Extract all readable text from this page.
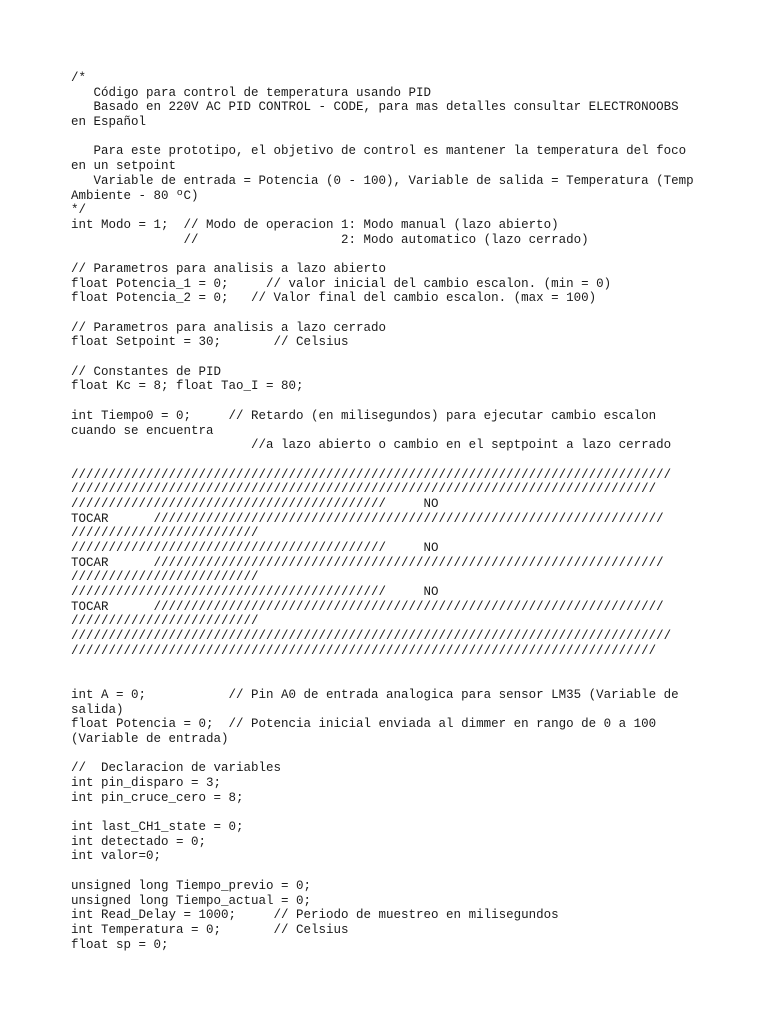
/*
Código para control de temperatura usando PID
Basado en 220V AC PID CONTROL - CODE, para mas detalles consultar ELECTRONOOBS
en Español
Para este prototipo, el objetivo de control es mantener la temperatura del foco
en un setpoint
Variable de entrada = Potencia (0 - 100), Variable de salida = Temperatura (Temp
Ambiente - 80 ºC)
*/
int Modo = 1;  // Modo de operacion 1: Modo manual (lazo abierto)
//                   2: Modo automatico (lazo cerrado)
// Parametros para analisis a lazo abierto
float Potencia_1 = 0;     // valor inicial del cambio escalon. (min = 0)
float Potencia_2 = 0;   // Valor final del cambio escalon. (max = 100)
// Parametros para analisis a lazo cerrado
float Setpoint = 30;       // Celsius
// Constantes de PID
float Kc = 8; float Tao_I = 80;
int Tiempo0 = 0;     // Retardo (en milisegundos) para ejecutar cambio escalon
cuando se encuentra
//a lazo abierto o cambio en el septpoint a lazo cerrado
////////////////////////////////////////////////////////////////////////////////
//////////////////////////////////////////////////////////////////////////////
//////////////////////////////////////////     NO
TOCAR      ////////////////////////////////////////////////////////////////////
/////////////////////////
//////////////////////////////////////////     NO
TOCAR      ////////////////////////////////////////////////////////////////////
/////////////////////////
//////////////////////////////////////////     NO
TOCAR      ////////////////////////////////////////////////////////////////////
/////////////////////////
////////////////////////////////////////////////////////////////////////////////
//////////////////////////////////////////////////////////////////////////////
int A = 0;           // Pin A0 de entrada analogica para sensor LM35 (Variable de
salida)
float Potencia = 0;  // Potencia inicial enviada al dimmer en rango de 0 a 100
(Variable de entrada)
//  Declaracion de variables
int pin_disparo = 3;
int pin_cruce_cero = 8;
int last_CH1_state = 0;
int detectado = 0;
int valor=0;
unsigned long Tiempo_previo = 0;
unsigned long Tiempo_actual = 0;
int Read_Delay = 1000;     // Periodo de muestreo en milisegundos
int Temperatura = 0;       // Celsius
float sp = 0;
